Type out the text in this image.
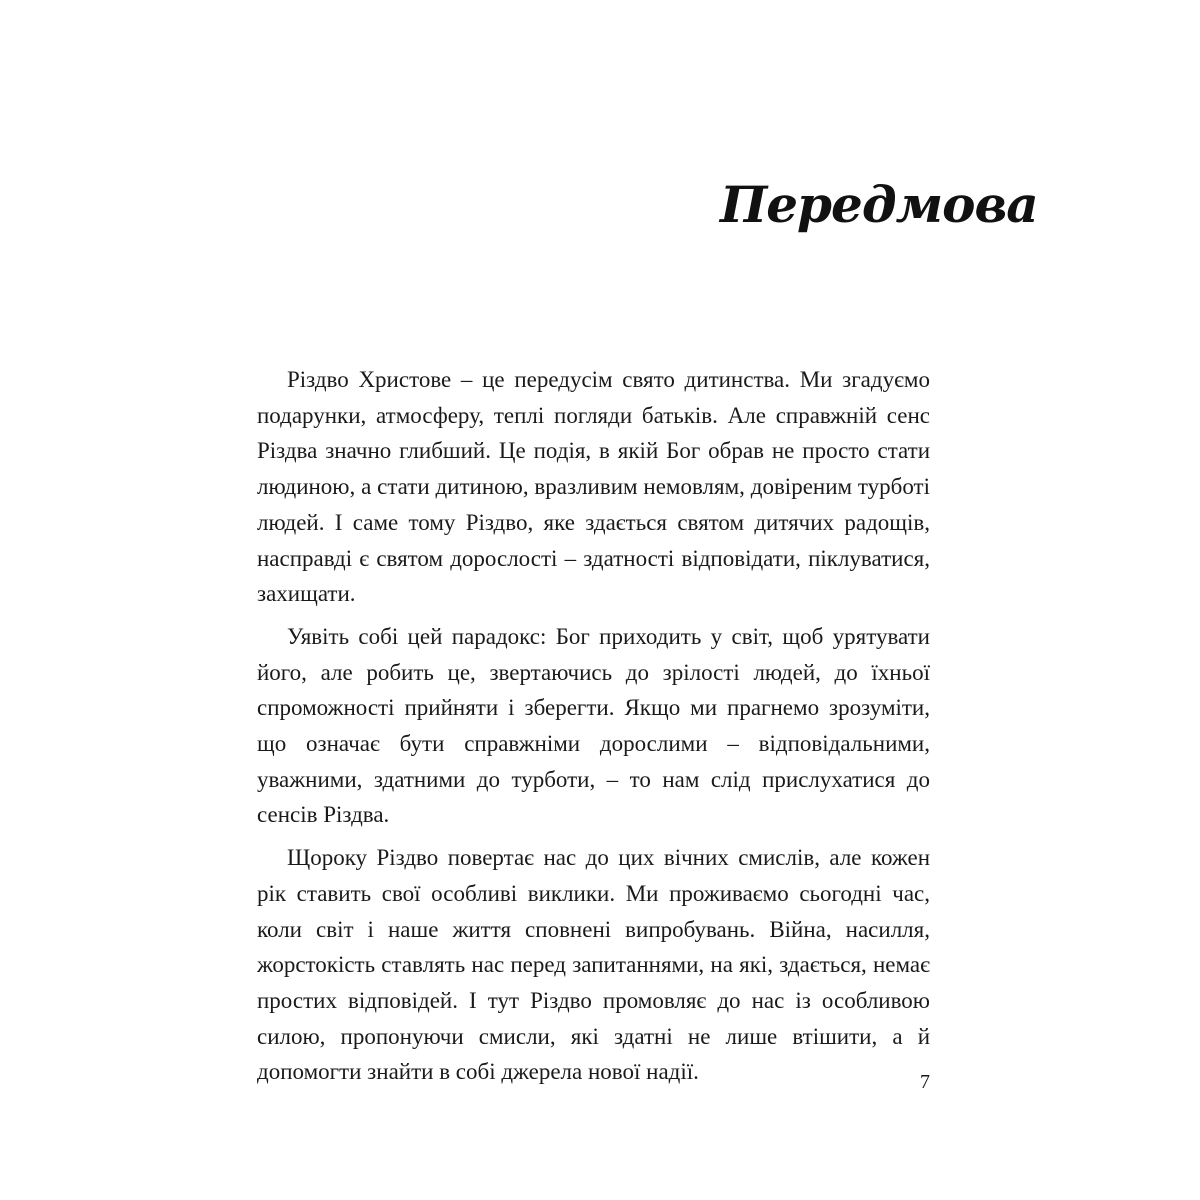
Передмова

Різдво Христове – це передусім свято дитинства. Ми згадуємо подарунки, атмосферу, теплі погляди батьків. Але справжній сенс Різдва значно глибший. Це подія, в якій Бог обрав не просто стати людиною, а стати дитиною, вразливим немовлям, довіреним турботі людей. І саме тому Різдво, яке здається святом дитячих радощів, насправді є святом дорослості – здатності відповідати, піклуватися, захищати.

Уявіть собі цей парадокс: Бог приходить у світ, щоб урятувати його, але робить це, звертаючись до зрілості людей, до їхньої спроможності прийняти і зберегти. Якщо ми прагнемо зрозуміти, що означає бути справжніми дорослими – відповідальними, уважними, здатними до турботи, – то нам слід прислухатися до сенсів Різдва.

Щороку Різдво повертає нас до цих вічних смислів, але кожен рік ставить свої особливі виклики. Ми проживаємо сьогодні час, коли світ і наше життя сповнені випробувань. Війна, насилля, жорстокість ставлять нас перед запитаннями, на які, здається, немає простих відповідей. І тут Різдво промовляє до нас із особливою силою, пропонуючи смисли, які здатні не лише втішити, а й допомогти знайти в собі джерела нової надії.	7
